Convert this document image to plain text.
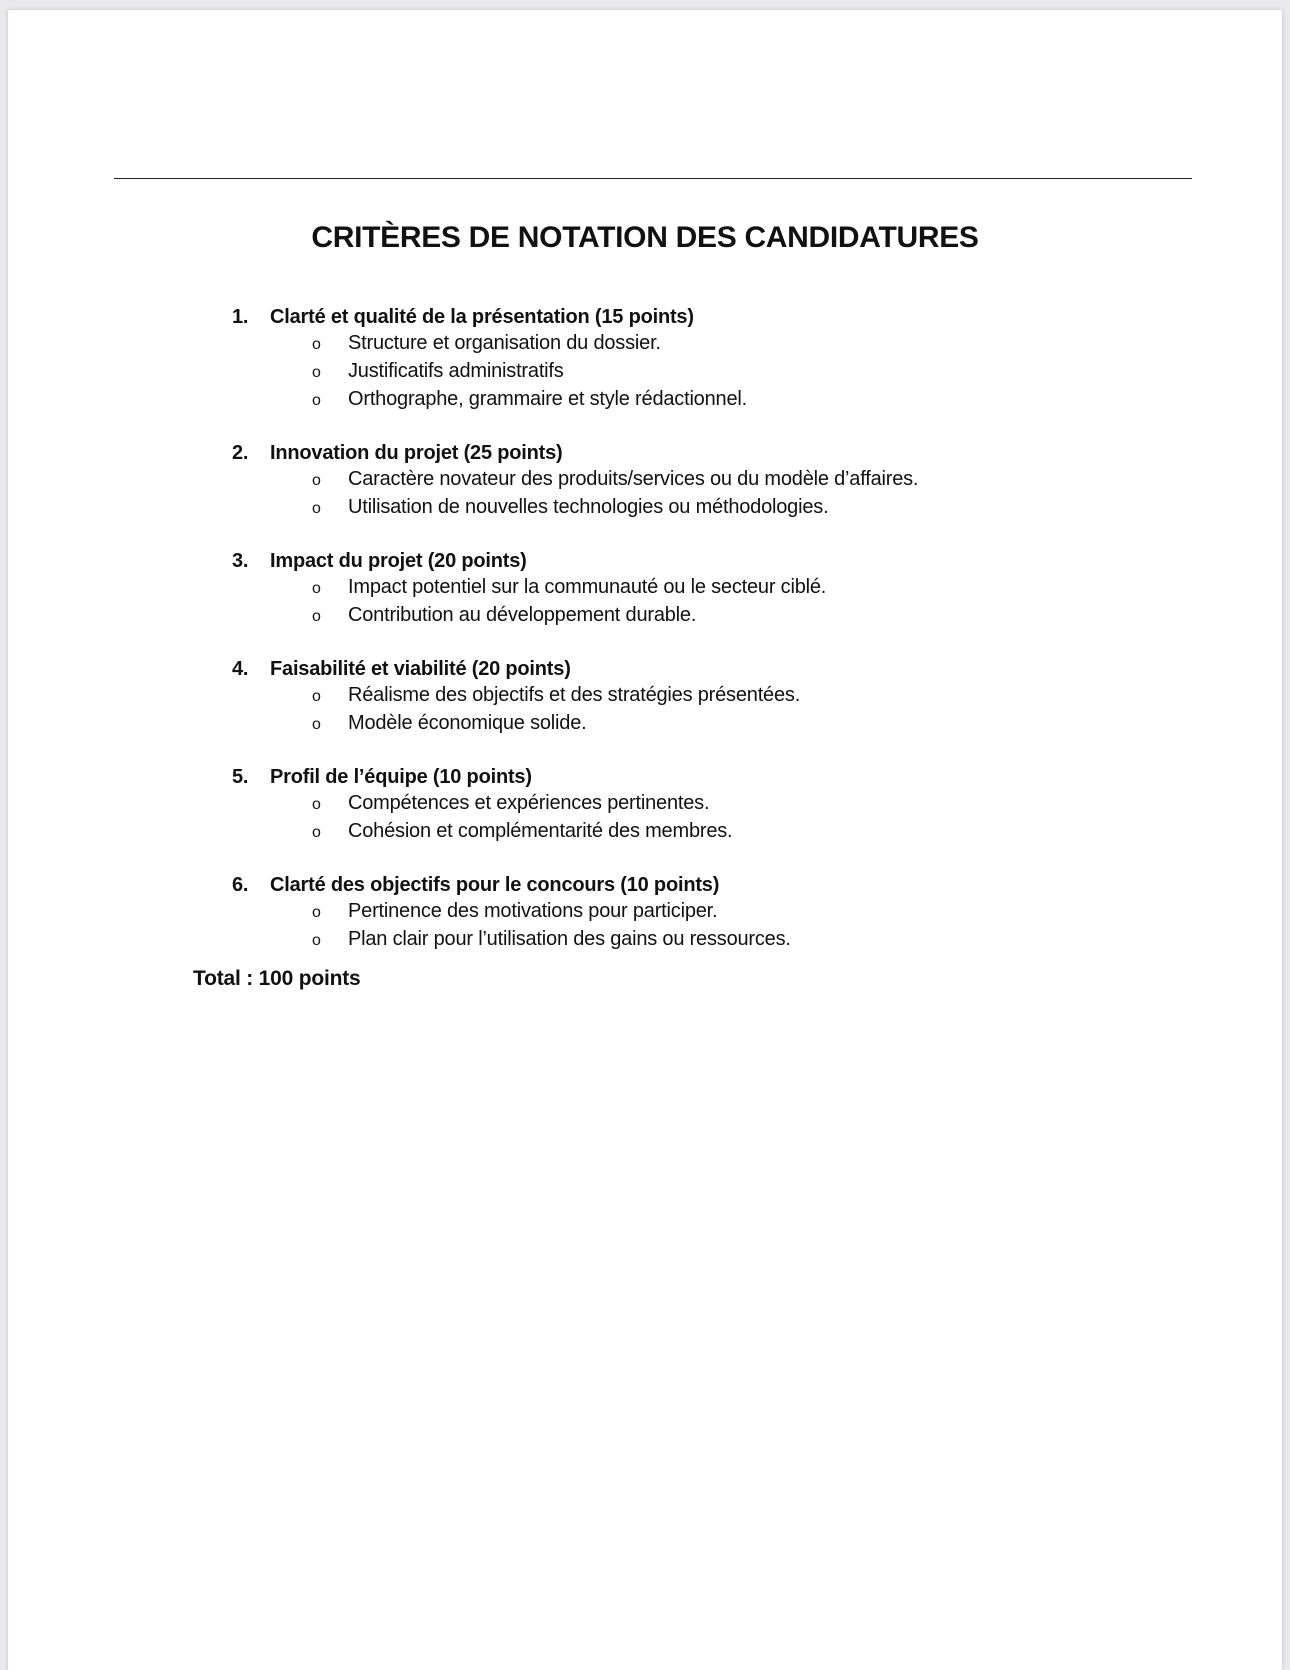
CRITÈRES DE NOTATION DES CANDIDATURES
1.	Clarté et qualité de la présentation (15 points)
o	Structure et organisation du dossier.
o	Justificatifs administratifs
o	Orthographe, grammaire et style rédactionnel.
2.	Innovation du projet (25 points)
o	Caractère novateur des produits/services ou du modèle d’affaires.
o	Utilisation de nouvelles technologies ou méthodologies.
3.	Impact du projet (20 points)
o	Impact potentiel sur la communauté ou le secteur ciblé.
o	Contribution au développement durable.
4.	Faisabilité et viabilité (20 points)
o	Réalisme des objectifs et des stratégies présentées.
o	Modèle économique solide.
5.	Profil de l’équipe (10 points)
o	Compétences et expériences pertinentes.
o	Cohésion et complémentarité des membres.
6.	Clarté des objectifs pour le concours (10 points)
o	Pertinence des motivations pour participer.
o	Plan clair pour l’utilisation des gains ou ressources.

Total : 100 points
